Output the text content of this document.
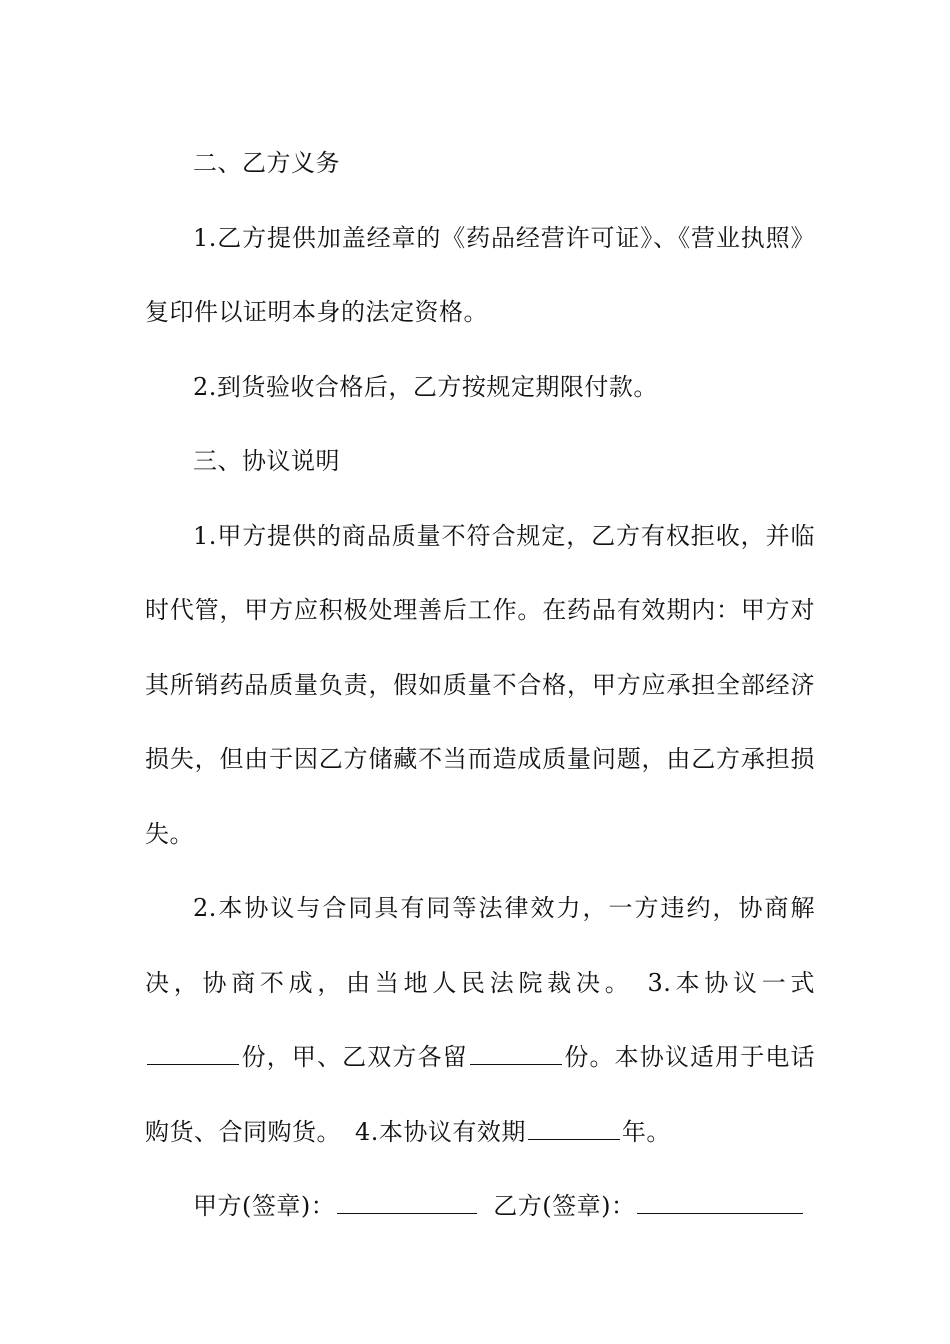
二、乙方义务

1.乙方提供加盖经章的《药品经营许可证》、《营业执照》复印件以证明本身的法定资格。

2.到货验收合格后，乙方按规定期限付款。

三、协议说明

1.甲方提供的商品质量不符合规定，乙方有权拒收，并临时代管，甲方应积极处理善后工作。在药品有效期内：甲方对其所销药品质量负责，假如质量不合格，甲方应承担全部经济损失，但由于因乙方储藏不当而造成质量问题，由乙方承担损失。

2.本协议与合同具有同等法律效力，一方违约，协商解决，协商不成，由当地人民法院裁决。 3.本协议一式份，甲、乙双方各留	份。本协议适用于电话购货、合同购货。 4.本协议有效期	年。

甲方(签章)：	乙方(签章)：
